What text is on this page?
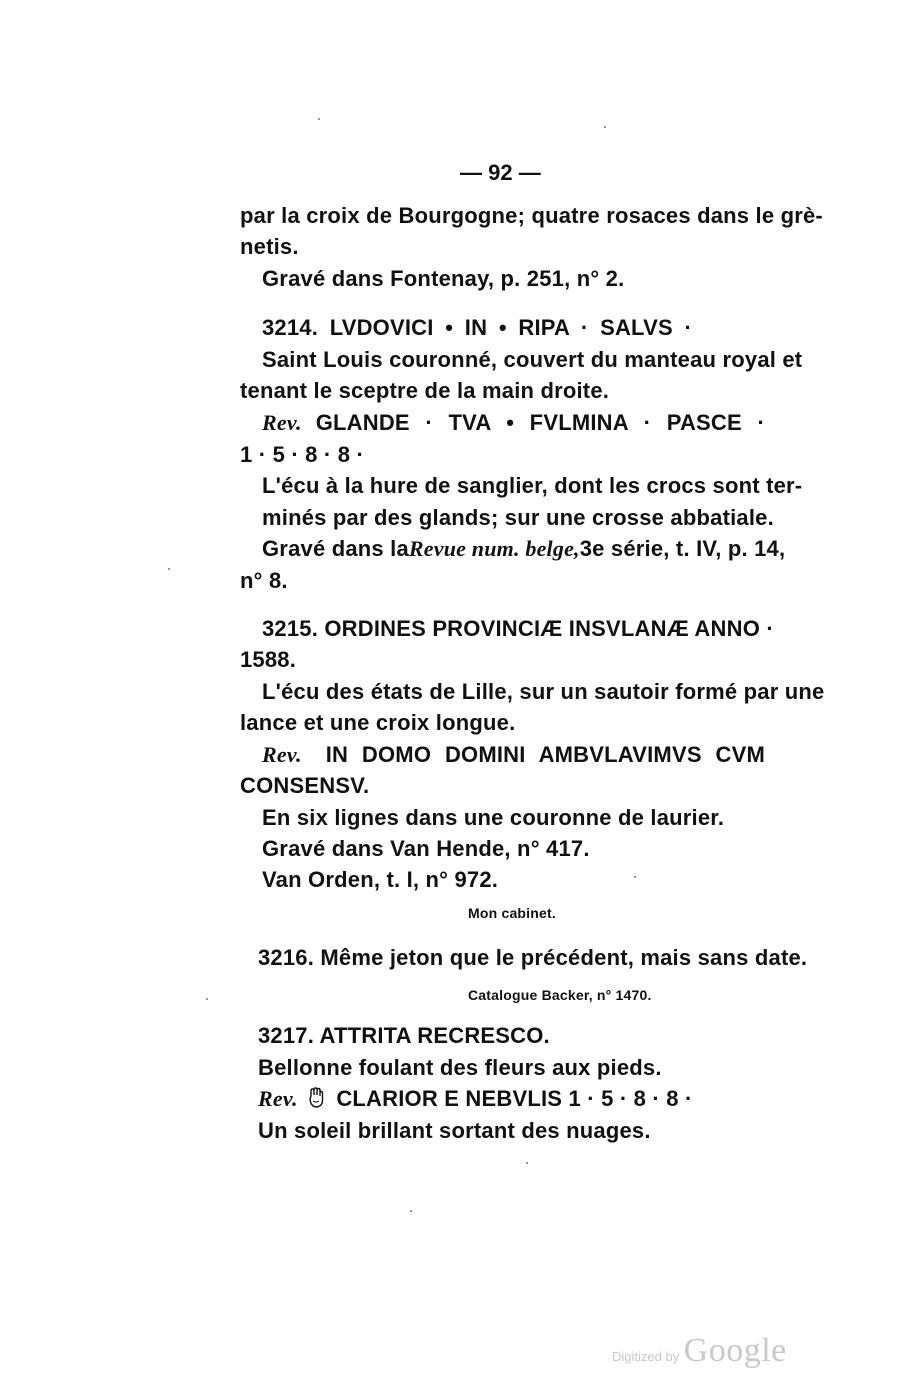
— 92 —
par la croix de Bourgogne; quatre rosaces dans le grè-
netis.
Gravé dans Fontenay, p. 251, n° 2.
3214. LVDOVICI • IN • RIPA · SALVS ·
Saint Louis couronné, couvert du manteau royal et
tenant le sceptre de la main droite.
Rev. GLANDE · TVA • FVLMINA · PASCE ·
1 · 5 · 8 · 8 ·
L'écu à la hure de sanglier, dont les crocs sont ter-
minés par des glands; sur une crosse abbatiale.
Gravé dans la Revue num. belge, 3e série, t. IV, p. 14,
n° 8.
3215. ORDINES PROVINCIÆ INSVLANÆ ANNO ·
1588.
L'écu des états de Lille, sur un sautoir formé par une
lance et une croix longue.
Rev. IN DOMO DOMINI AMBVLAVIMVS CVM
CONSENSV.
En six lignes dans une couronne de laurier.
Gravé dans Van Hende, n° 417.
Van Orden, t. I, n° 972.
Mon cabinet.
3216. Même jeton que le précédent, mais sans date.
Catalogue Backer, n° 1470.
3217. ATTRITA RECRESCO.
Bellonne foulant des fleurs aux pieds.
Rev. CLARIOR E NEBVLIS 1 · 5 · 8 · 8 ·
Un soleil brillant sortant des nuages.
Digitized by Google
